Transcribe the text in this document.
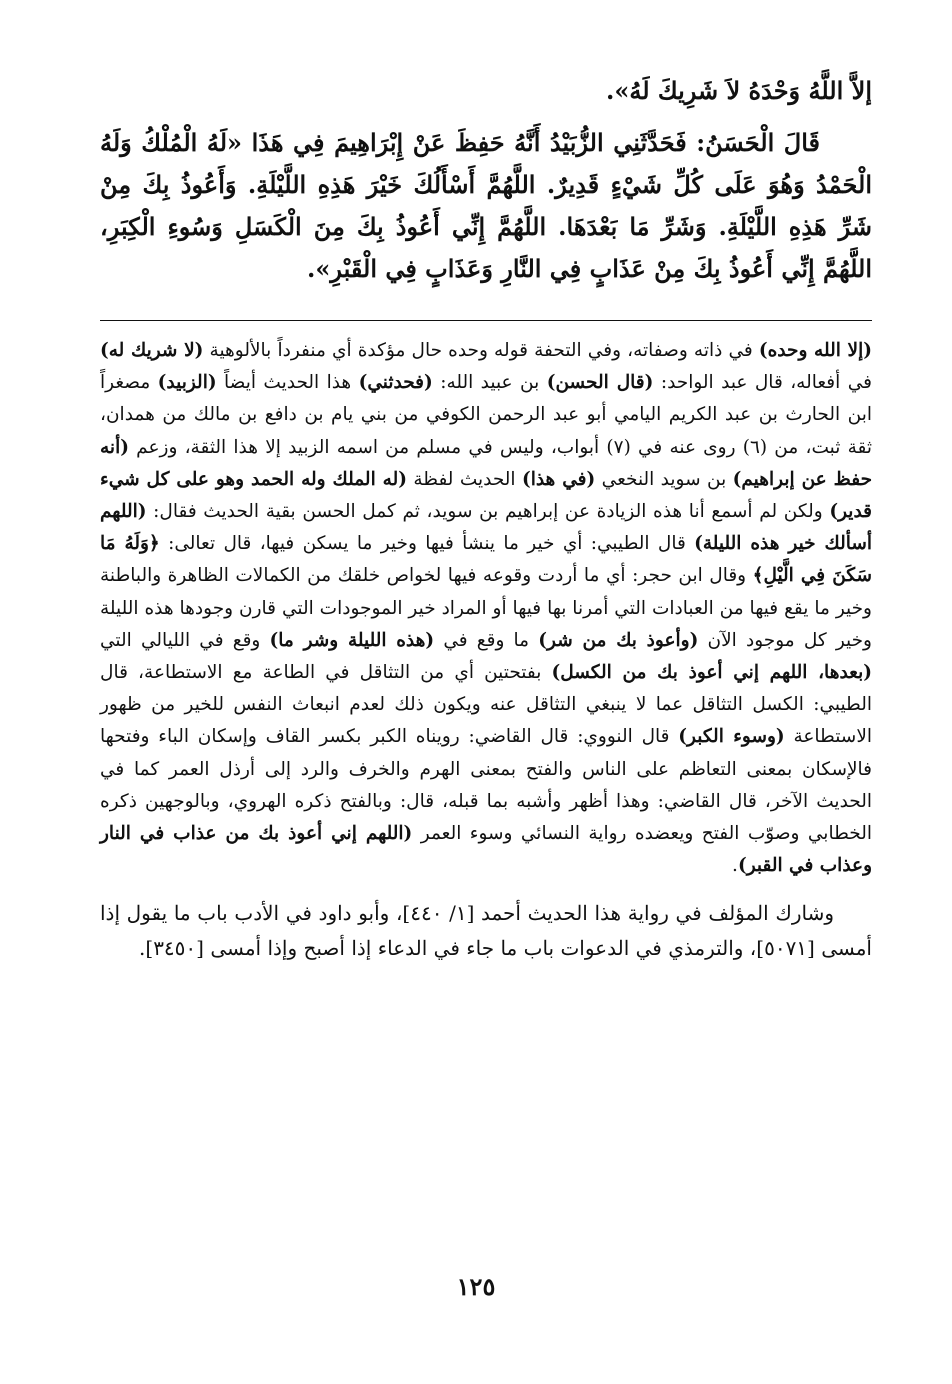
إلاَّ اللَّهُ وَحْدَهُ لاَ شَرِيكَ لَهُ».

قَالَ الْحَسَنُ: فَحَدَّثَنِي الزُّبَيْدُ أَنَّهُ حَفِظَ عَنْ إِبْرَاهِيمَ فِي هَذَا «لَهُ الْمُلْكُ وَلَهُ الْحَمْدُ وَهُوَ عَلَى كُلِّ شَيْءٍ قَدِيرٌ. اللَّهُمَّ أَسْأَلُكَ خَيْرَ هَذِهِ اللَّيْلَةِ. وَأَعُوذُ بِكَ مِنْ شَرِّ هَذِهِ اللَّيْلَةِ. وَشَرِّ مَا بَعْدَهَا. اللَّهُمَّ إِنِّي أَعُوذُ بِكَ مِنَ الْكَسَلِ وَسُوءِ الْكِبَرِ، اللَّهُمَّ إِنِّي أَعُوذُ بِكَ مِنْ عَذَابٍ فِي النَّارِ وَعَذَابٍ فِي الْقَبْرِ».

(إلا الله وحده) في ذاته وصفاته، وفي التحفة قوله وحده حال مؤكدة أي منفرداً بالألوهية (لا شريك له) في أفعاله، قال عبد الواحد: (قال الحسن) بن عبيد الله: (فحدثني) هذا الحديث أيضاً (الزبيد) مصغراً ابن الحارث بن عبد الكريم اليامي أبو عبد الرحمن الكوفي من بني يام بن دافع بن مالك من همدان، ثقة ثبت، من (٦) روى عنه في (٧) أبواب، وليس في مسلم من اسمه الزبيد إلا هذا الثقة، وزعم (أنه حفظ عن إبراهيم) بن سويد النخعي (في هذا) الحديث لفظة (له الملك وله الحمد وهو على كل شيء قدير) ولكن لم أسمع أنا هذه الزيادة عن إبراهيم بن سويد، ثم كمل الحسن بقية الحديث فقال: (اللهم أسألك خير هذه الليلة) قال الطيبي: أي خير ما ينشأ فيها وخير ما يسكن فيها، قال تعالى: ﴿وَلَهُ مَا سَكَنَ فِي الَّيْلِ﴾ وقال ابن حجر: أي ما أردت وقوعه فيها لخواص خلقك من الكمالات الظاهرة والباطنة وخير ما يقع فيها من العبادات التي أمرنا بها فيها أو المراد خير الموجودات التي قارن وجودها هذه الليلة وخير كل موجود الآن (وأعوذ بك من شر) ما وقع في (هذه الليلة وشر ما) وقع في الليالي التي (بعدها، اللهم إني أعوذ بك من الكسل) بفتحتين أي من التثاقل في الطاعة مع الاستطاعة، قال الطيبي: الكسل التثاقل عما لا ينبغي التثاقل عنه ويكون ذلك لعدم انبعاث النفس للخير من ظهور الاستطاعة (وسوء الكبر) قال النووي: قال القاضي: رويناه الكبر بكسر القاف وإسكان الباء وفتحها فالإسكان بمعنى التعاظم على الناس والفتح بمعنى الهرم والخرف والرد إلى أرذل العمر كما في الحديث الآخر، قال القاضي: وهذا أظهر وأشبه بما قبله، قال: وبالفتح ذكره الهروي، وبالوجهين ذكره الخطابي وصوّب الفتح ويعضده رواية النسائي وسوء العمر (اللهم إني أعوذ بك من عذاب في النار وعذاب في القبر).

وشارك المؤلف في رواية هذا الحديث أحمد [١/ ٤٤٠]، وأبو داود في الأدب باب ما يقول إذا أمسى [٥٠٧١]، والترمذي في الدعوات باب ما جاء في الدعاء إذا أصبح وإذا أمسى [٣٤٥٠].

١٢٥
